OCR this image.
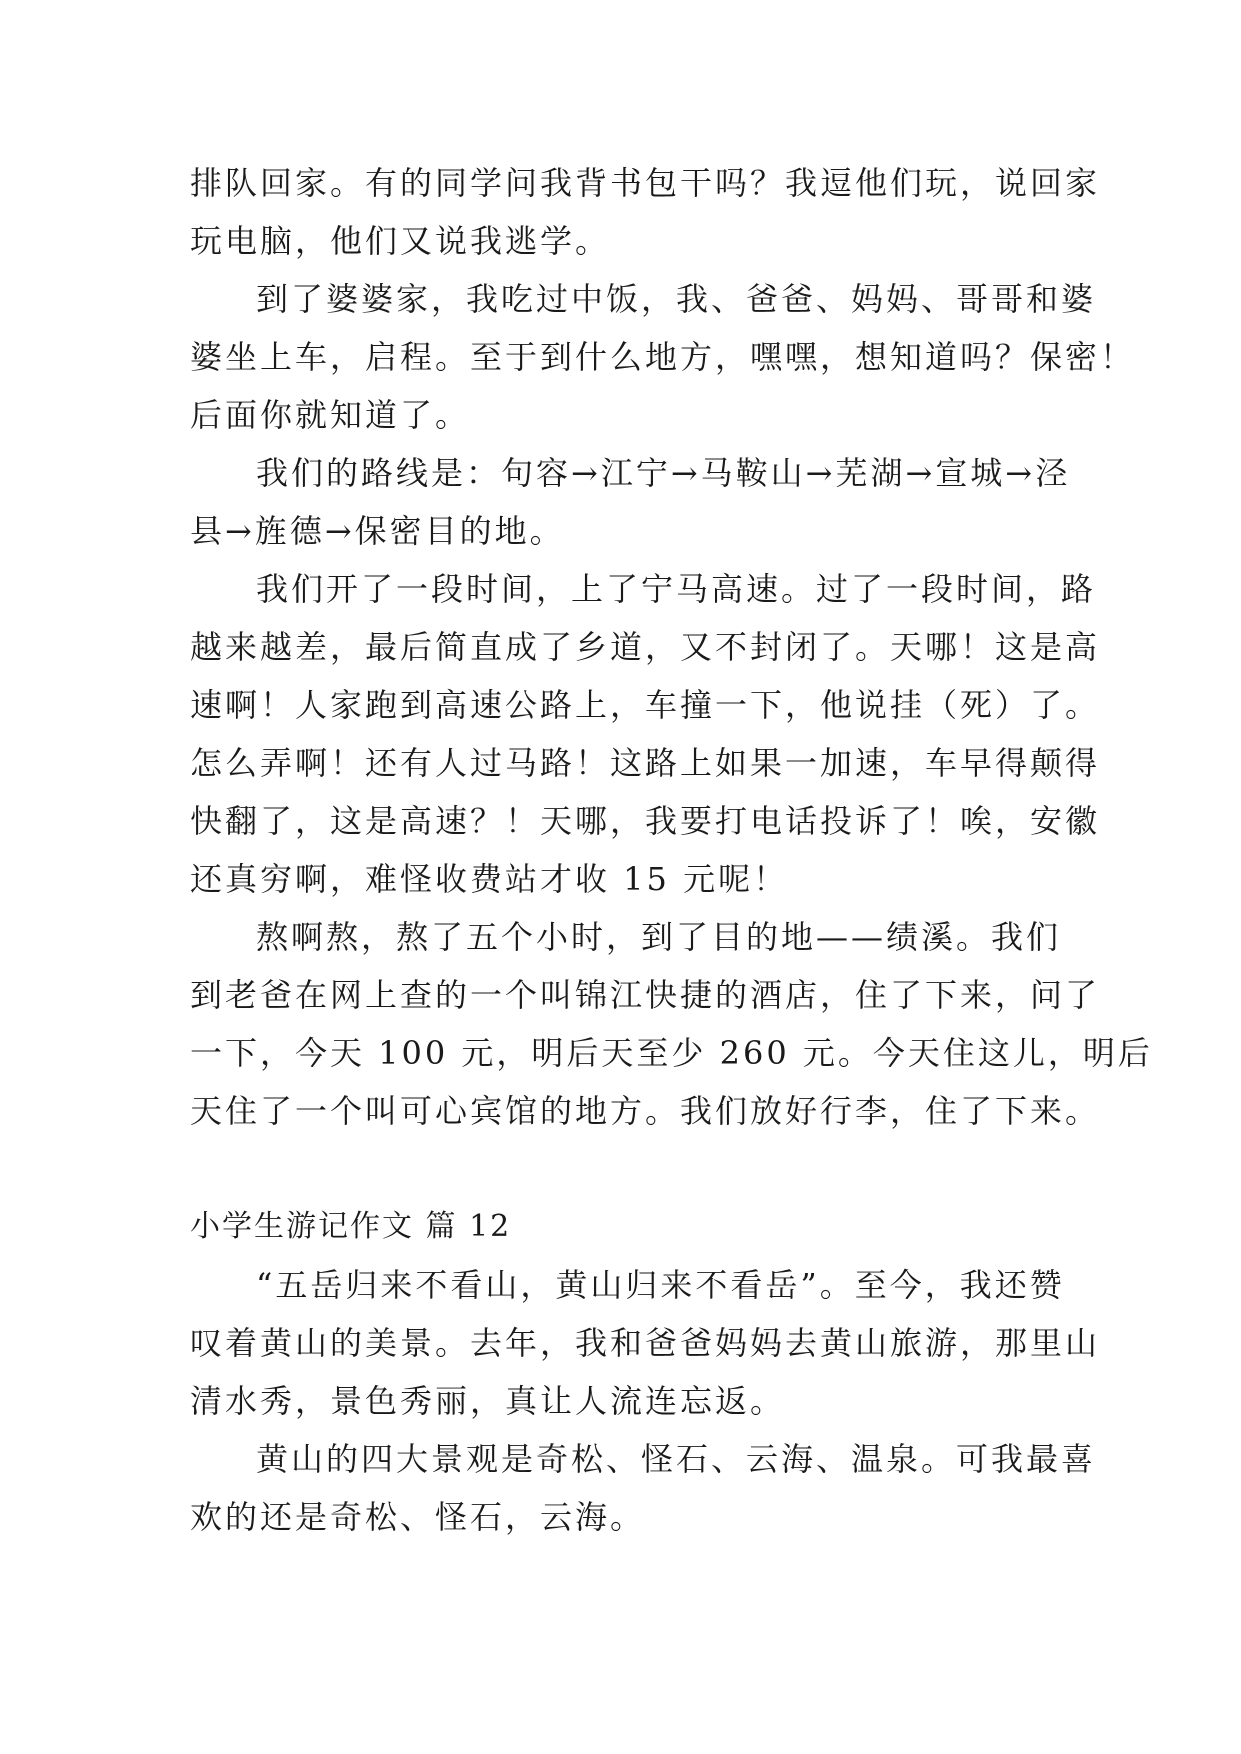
排队回家。有的同学问我背书包干吗？我逗他们玩，说回家
玩电脑，他们又说我逃学。
到了婆婆家，我吃过中饭，我、爸爸、妈妈、哥哥和婆
婆坐上车，启程。至于到什么地方，嘿嘿，想知道吗？保密！
后面你就知道了。
我们的路线是：句容→江宁→马鞍山→芜湖→宣城→泾
县→旌德→保密目的地。
我们开了一段时间，上了宁马高速。过了一段时间，路
越来越差，最后简直成了乡道，又不封闭了。天哪！这是高
速啊！人家跑到高速公路上，车撞一下，他说挂（死）了。
怎么弄啊！还有人过马路！这路上如果一加速，车早得颠得
快翻了，这是高速？！天哪，我要打电话投诉了！唉，安徽
还真穷啊，难怪收费站才收 15 元呢！
熬啊熬，熬了五个小时，到了目的地——绩溪。我们
到老爸在网上查的一个叫锦江快捷的酒店，住了下来，问了
一下，今天 100 元，明后天至少 260 元。今天住这儿，明后
天住了一个叫可心宾馆的地方。我们放好行李，住了下来。
小学生游记作文 篇 12
“五岳归来不看山，黄山归来不看岳”。至今，我还赞
叹着黄山的美景。去年，我和爸爸妈妈去黄山旅游，那里山
清水秀，景色秀丽，真让人流连忘返。
黄山的四大景观是奇松、怪石、云海、温泉。可我最喜
欢的还是奇松、怪石，云海。
